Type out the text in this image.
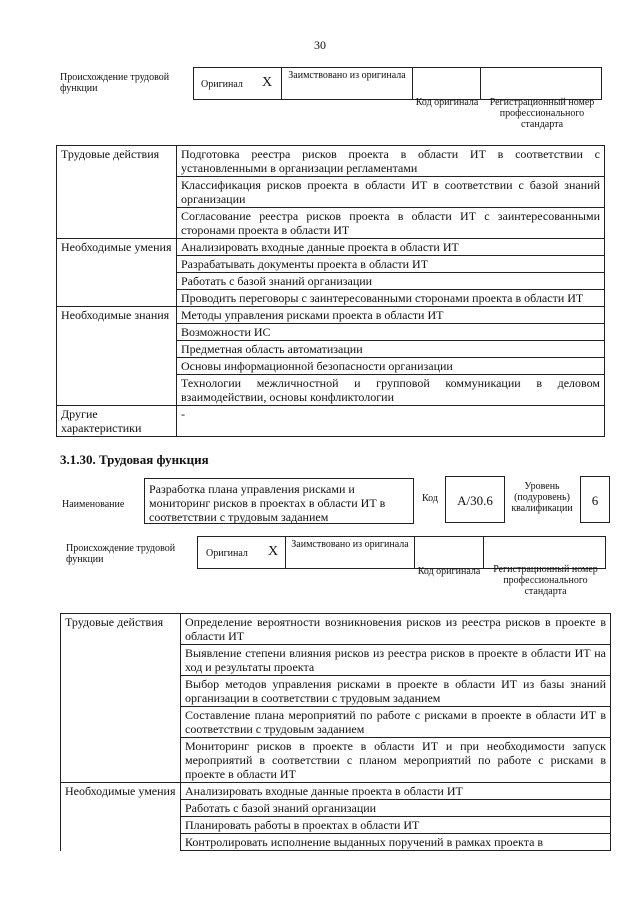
30
Происхождение трудовой функции	Оригинал X	Заимствовано из оригинала
Код оригинала	Регистрационный номер профессионального стандарта
Трудовые действия	Подготовка реестра рисков проекта в области ИТ в соответствии с установленными в организации регламентами
	Классификация рисков проекта в области ИТ в соответствии с базой знаний организации
	Согласование реестра рисков проекта в области ИТ с заинтересованными сторонами проекта в области ИТ
Необходимые умения	Анализировать входные данные проекта в области ИТ
	Разрабатывать документы проекта в области ИТ
	Работать с базой знаний организации
	Проводить переговоры с заинтересованными сторонами проекта в области ИТ
Необходимые знания	Методы управления рисками проекта в области ИТ
	Возможности ИС
	Предметная область автоматизации
	Основы информационной безопасности организации
	Технологии межличностной и групповой коммуникации в деловом взаимодействии, основы конфликтологии
Другие характеристики	-
3.1.30. Трудовая функция
Наименование
Разработка плана управления рисками и мониторинг рисков в проектах в области ИТ в соответствии с трудовым заданием
Код	A/30.6
Уровень (подуровень) квалификации
6
Происхождение трудовой функции
Оригинал X	Заимствовано из оригинала
Код оригинала	Регистрационный номер профессионального стандарта
Трудовые действия	Определение вероятности возникновения рисков из реестра рисков в проекте в области ИТ
	Выявление степени влияния рисков из реестра рисков в проекте в области ИТ на ход и результаты проекта
	Выбор методов управления рисками в проекте в области ИТ из базы знаний организации в соответствии с трудовым заданием
	Составление плана мероприятий по работе с рисками в проекте в области ИТ в соответствии с трудовым заданием
	Мониторинг рисков в проекте в области ИТ и при необходимости запуск мероприятий в соответствии с планом мероприятий по работе с рисками в проекте в области ИТ
Необходимые умения	Анализировать входные данные проекта в области ИТ
	Работать с базой знаний организации
	Планировать работы в проектах в области ИТ
	Контролировать исполнение выданных поручений в рамках проекта в
